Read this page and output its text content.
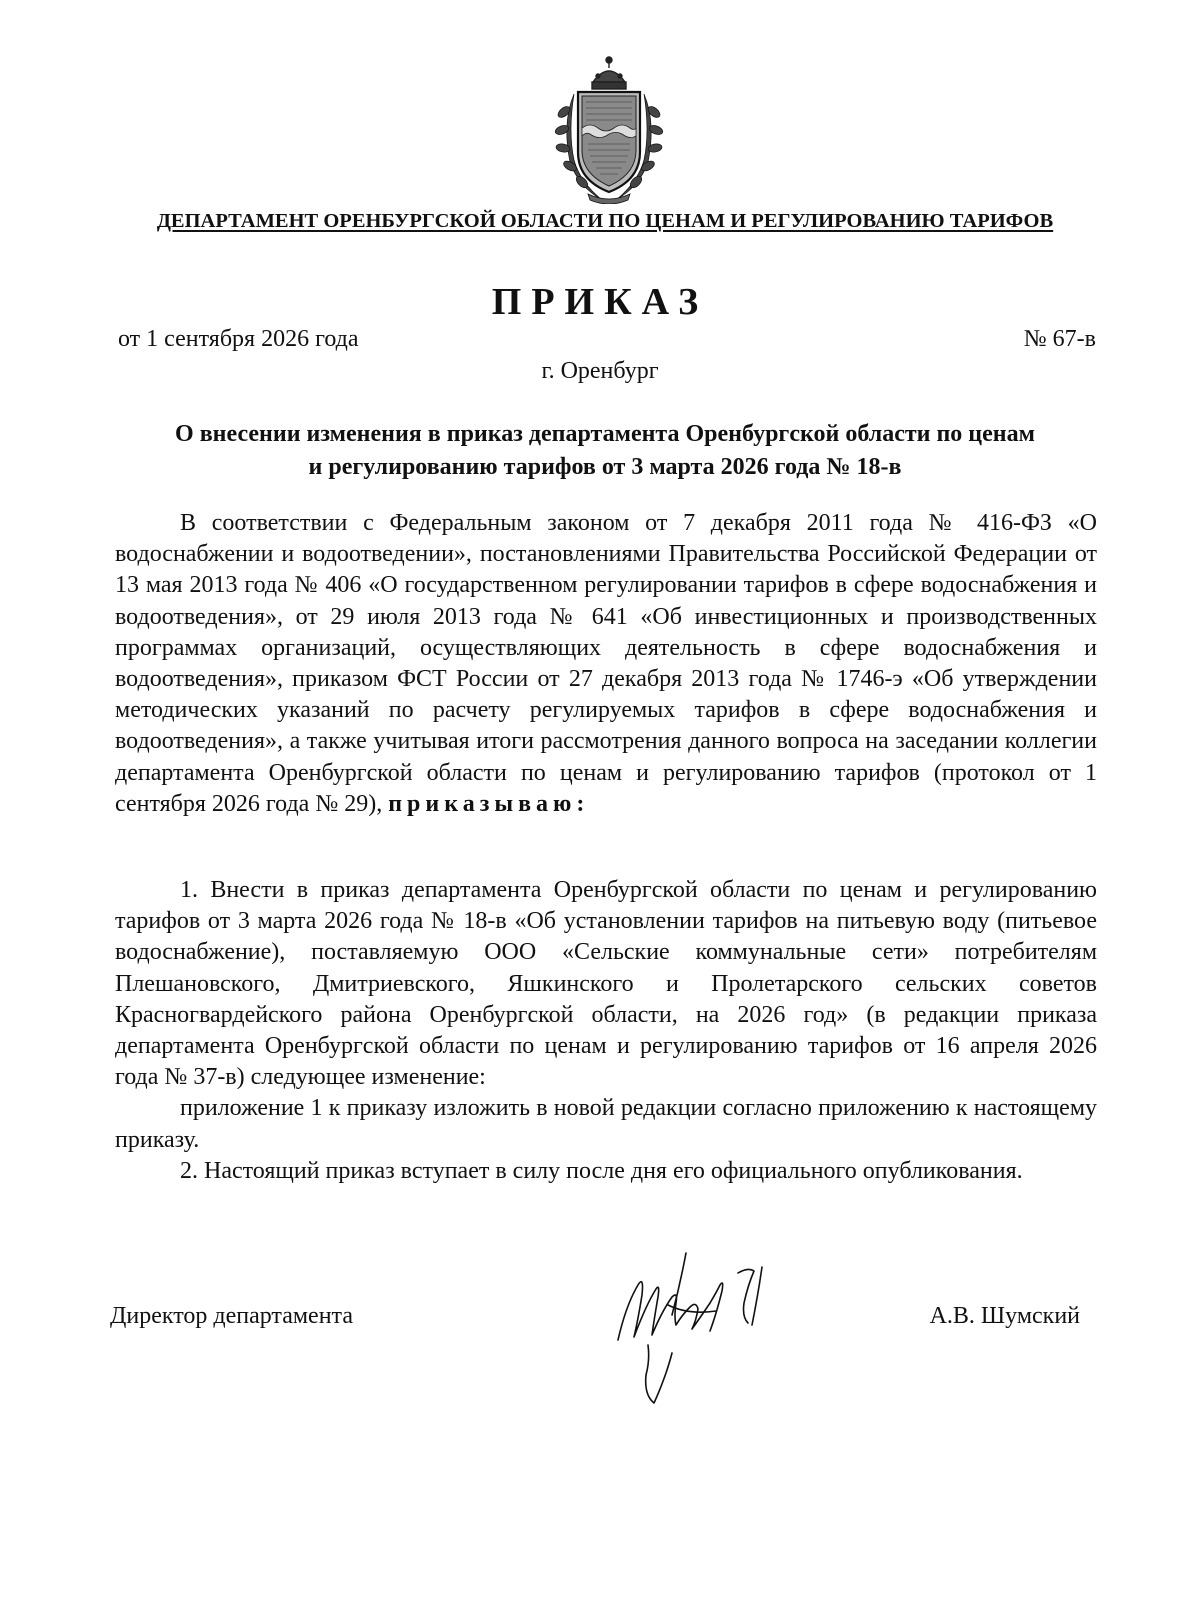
ДЕПАРТАМЕНТ ОРЕНБУРГСКОЙ ОБЛАСТИ ПО ЦЕНАМ И РЕГУЛИРОВАНИЮ ТАРИФОВ
ПРИКАЗ
от 1 сентября 2026 года	№ 67-в
г. Оренбург
О внесении изменения в приказ департамента Оренбургской области по ценам
и регулированию тарифов от 3 марта 2026 года № 18-в

В соответствии с Федеральным законом от 7 декабря 2011 года № 416-ФЗ «О водоснабжении и водоотведении», постановлениями Правительства Российской Федерации от 13 мая 2013 года № 406 «О государственном регулировании тарифов в сфере водоснабжения и водоотведения», от 29 июля 2013 года № 641 «Об инвестиционных и производственных программах организаций, осуществляющих деятельность в сфере водоснабжения и водоотведения», приказом ФСТ России от 27 декабря 2013 года № 1746-э «Об утверждении методических указаний по расчету регулируемых тарифов в сфере водоснабжения и водоотведения», а также учитывая итоги рассмотрения данного вопроса на заседании коллегии департамента Оренбургской области по ценам и регулированию тарифов (протокол от 1 сентября 2026 года № 29), приказываю:

1. Внести в приказ департамента Оренбургской области по ценам и регулированию тарифов от 3 марта 2026 года № 18-в «Об установлении тарифов на питьевую воду (питьевое водоснабжение), поставляемую ООО «Сельские коммунальные сети» потребителям Плешановского, Дмитриевского, Яшкинского и Пролетарского сельских советов Красногвардейского района Оренбургской области, на 2026 год» (в редакции приказа департамента Оренбургской области по ценам и регулированию тарифов от 16 апреля 2026 года № 37-в) следующее изменение:

приложение 1 к приказу изложить в новой редакции согласно приложению к настоящему приказу.

2. Настоящий приказ вступает в силу после дня его официального опубликования.

Директор департамента	А.В. Шумский
